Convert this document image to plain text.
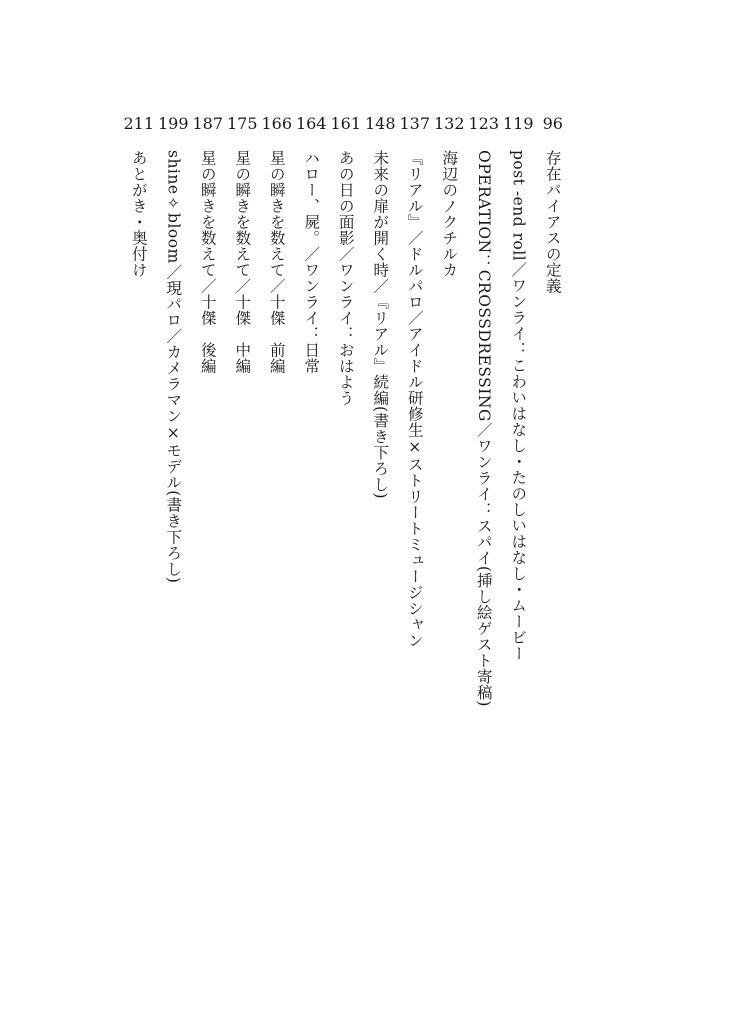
96
存在バイアスの定義
119
post -end roll／ワンライ：こわいはなし・たのしいはなし・ムービー
123
OPERATION：CROSSDRESSING／ワンライ：スパイ(挿し絵ゲスト寄稿)
132
海辺のノクチルカ
137
『リアル』／ドルパロ／アイドル研修生×ストリートミュージシャン
148
未来の扉が開く時／『リアル』続編(書き下ろし)
161
あの日の面影／ワンライ：おはよう
164
ハロー、屍。／ワンライ：日常
166
星の瞬きを数えて／十傑　前編
175
星の瞬きを数えて／十傑　中編
187
星の瞬きを数えて／十傑　後編
199
shine✧bloom／現パロ／カメラマン×モデル(書き下ろし)
211
あとがき・奥付け
